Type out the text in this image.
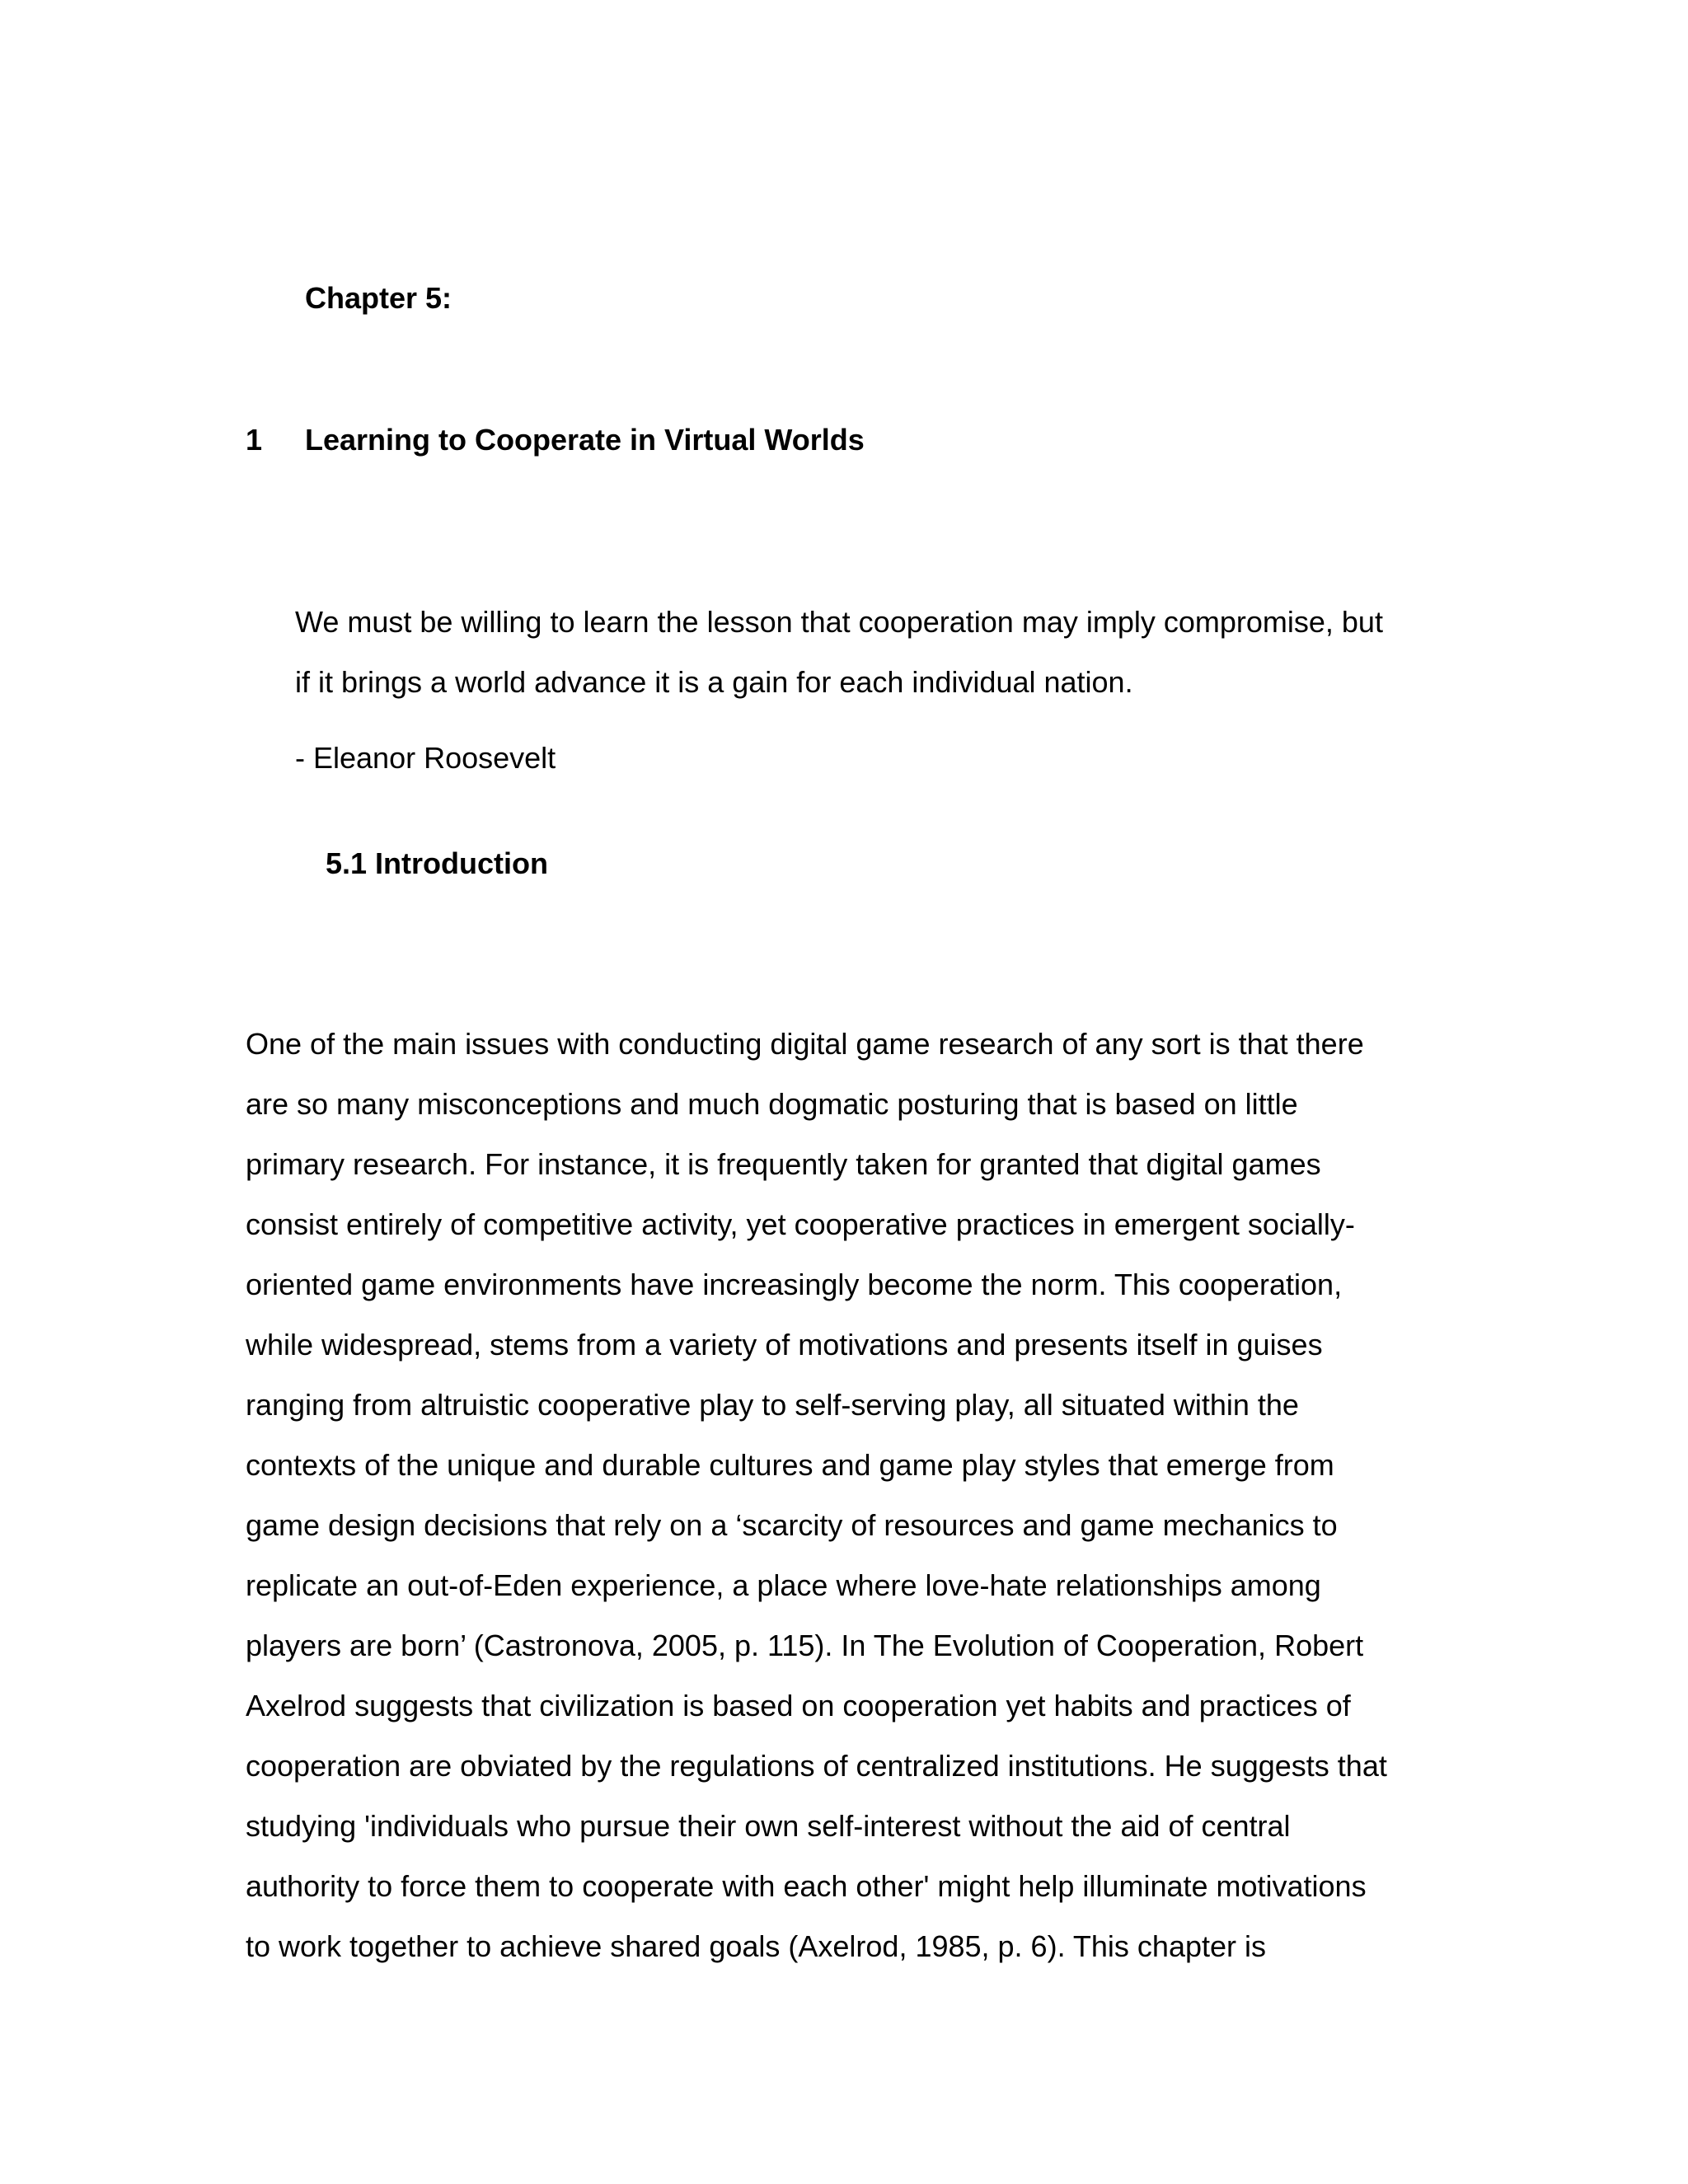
Chapter 5:
1 Learning to Cooperate in Virtual Worlds
We must be willing to learn the lesson that cooperation may imply compromise, but
if it brings a world advance it is a gain for each individual nation.
- Eleanor Roosevelt
5.1 Introduction
One of the main issues with conducting digital game research of any sort is that there
are so many misconceptions and much dogmatic posturing that is based on little
primary research. For instance, it is frequently taken for granted that digital games
consist entirely of competitive activity, yet cooperative practices in emergent socially-
oriented game environments have increasingly become the norm. This cooperation,
while widespread, stems from a variety of motivations and presents itself in guises
ranging from altruistic cooperative play to self-serving play, all situated within the
contexts of the unique and durable cultures and game play styles that emerge from
game design decisions that rely on a ‘scarcity of resources and game mechanics to
replicate an out-of-Eden experience, a place where love-hate relationships among
players are born’ (Castronova, 2005, p. 115). In The Evolution of Cooperation, Robert
Axelrod suggests that civilization is based on cooperation yet habits and practices of
cooperation are obviated by the regulations of centralized institutions. He suggests that
studying 'individuals who pursue their own self-interest without the aid of central
authority to force them to cooperate with each other' might help illuminate motivations
to work together to achieve shared goals (Axelrod, 1985, p. 6). This chapter is
